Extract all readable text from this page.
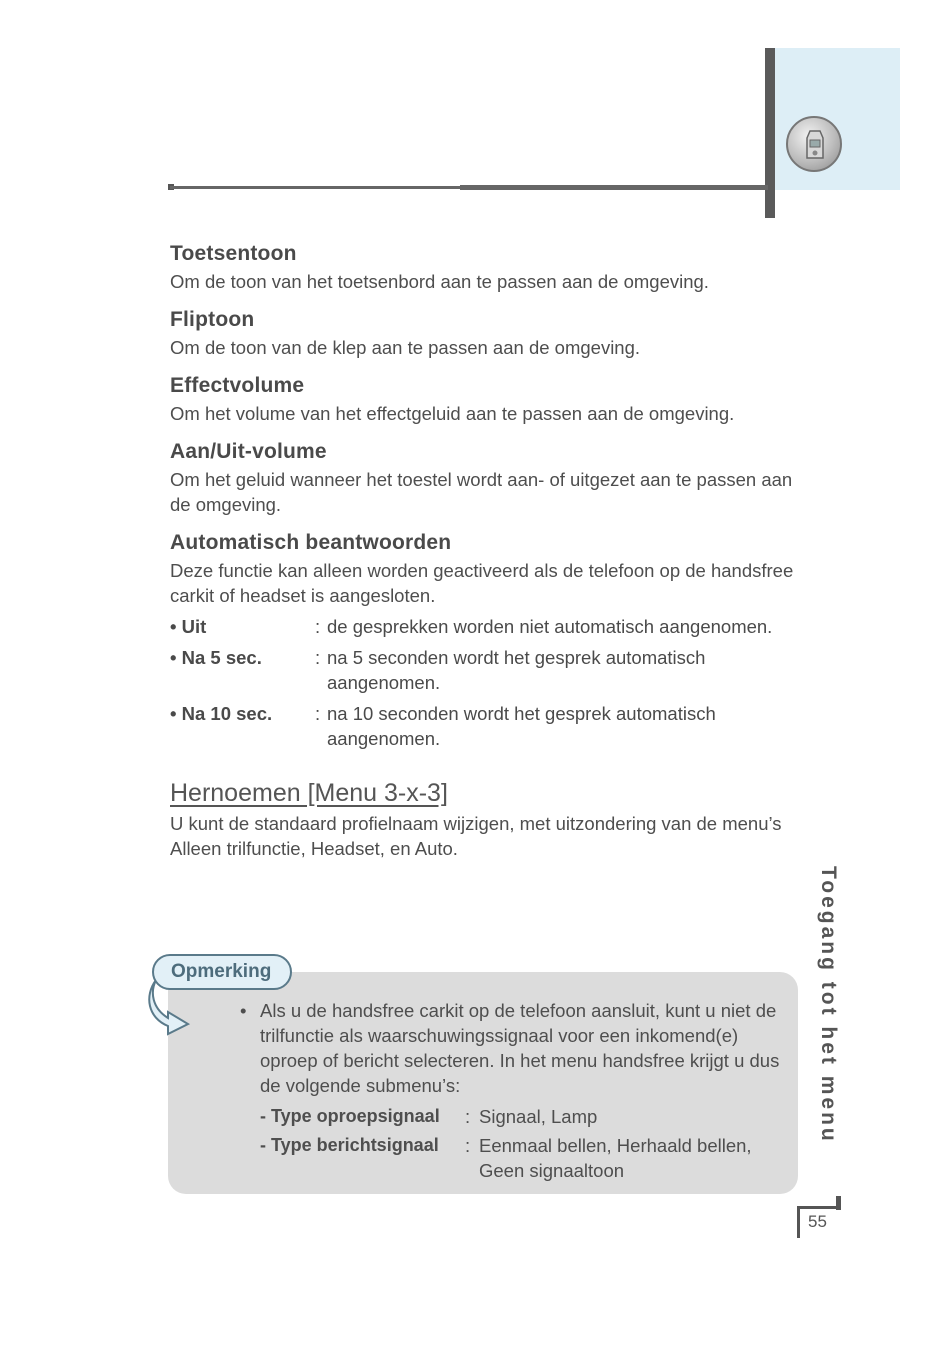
Toetsentoon

Om de toon van het toetsenbord aan te passen aan de omgeving.

Fliptoon

Om de toon van de klep aan te passen aan de omgeving.

Effectvolume

Om het volume van het effectgeluid aan te passen aan de omgeving.

Aan/Uit-volume

Om het geluid wanneer het toestel wordt aan- of uitgezet aan te passen aan de omgeving.

Automatisch beantwoorden

Deze functie kan alleen worden geactiveerd als de telefoon op de handsfree carkit of headset is aangesloten.

• Uit	: de gesprekken worden niet automatisch aangenomen.
• Na 5 sec.	: na 5 seconden wordt het gesprek automatisch aangenomen.
• Na 10 sec.	: na 10 seconden wordt het gesprek automatisch aangenomen.
Hernoemen [Menu 3-x-3]

U kunt de standaard profielnaam wijzigen, met uitzondering van de menu’s Alleen trilfunctie, Headset, en Auto.

Opmerking
• Als u de handsfree carkit op de telefoon aansluit, kunt u niet de trilfunctie als waarschuwingssignaal voor een inkomend(e) oproep of bericht selecteren. In het menu handsfree krijgt u dus de volgende submenu’s:
- Type oproepsignaal	: Signaal, Lamp
- Type berichtsignaal	: Eenmaal bellen, Herhaald bellen, Geen signaaltoon
Toegang tot het menu
55
